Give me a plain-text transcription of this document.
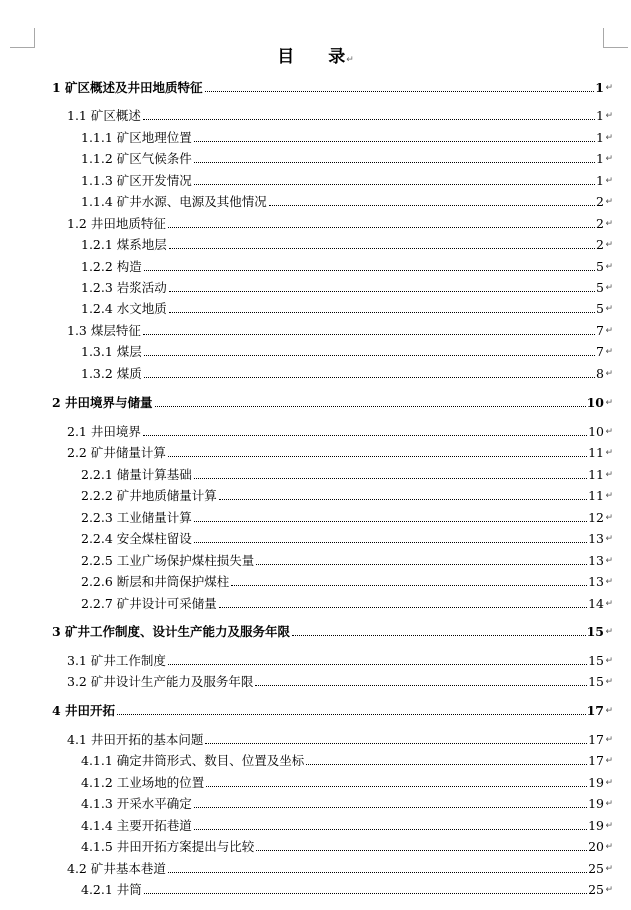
目 录↵
1 矿区概述及井田地质特征	1 ↵
1.1 矿区概述	1 ↵
1.1.1 矿区地理位置	1 ↵
1.1.2 矿区气候条件	1 ↵
1.1.3 矿区开发情况	1 ↵
1.1.4 矿井水源、电源及其他情况	2 ↵
1.2 井田地质特征	2 ↵
1.2.1 煤系地层	2 ↵
1.2.2 构造	5 ↵
1.2.3 岩浆活动	5 ↵
1.2.4 水文地质	5 ↵
1.3 煤层特征	7 ↵
1.3.1 煤层	7 ↵
1.3.2 煤质	8 ↵
2 井田境界与储量	10 ↵
2.1 井田境界	10 ↵
2.2 矿井储量计算	11 ↵
2.2.1 储量计算基础	11 ↵
2.2.2 矿井地质储量计算	11 ↵
2.2.3 工业储量计算	12 ↵
2.2.4 安全煤柱留设	13 ↵
2.2.5 工业广场保护煤柱损失量	13 ↵
2.2.6 断层和井筒保护煤柱	13 ↵
2.2.7 矿井设计可采储量	14 ↵
3 矿井工作制度、设计生产能力及服务年限	15 ↵
3.1 矿井工作制度	15 ↵
3.2 矿井设计生产能力及服务年限	15 ↵
4 井田开拓	17 ↵
4.1 井田开拓的基本问题	17 ↵
4.1.1 确定井筒形式、数目、位置及坐标	17 ↵
4.1.2 工业场地的位置	19 ↵
4.1.3 开采水平确定	19 ↵
4.1.4 主要开拓巷道	19 ↵
4.1.5 井田开拓方案提出与比较	20 ↵
4.2 矿井基本巷道	25 ↵
4.2.1 井筒	25 ↵
